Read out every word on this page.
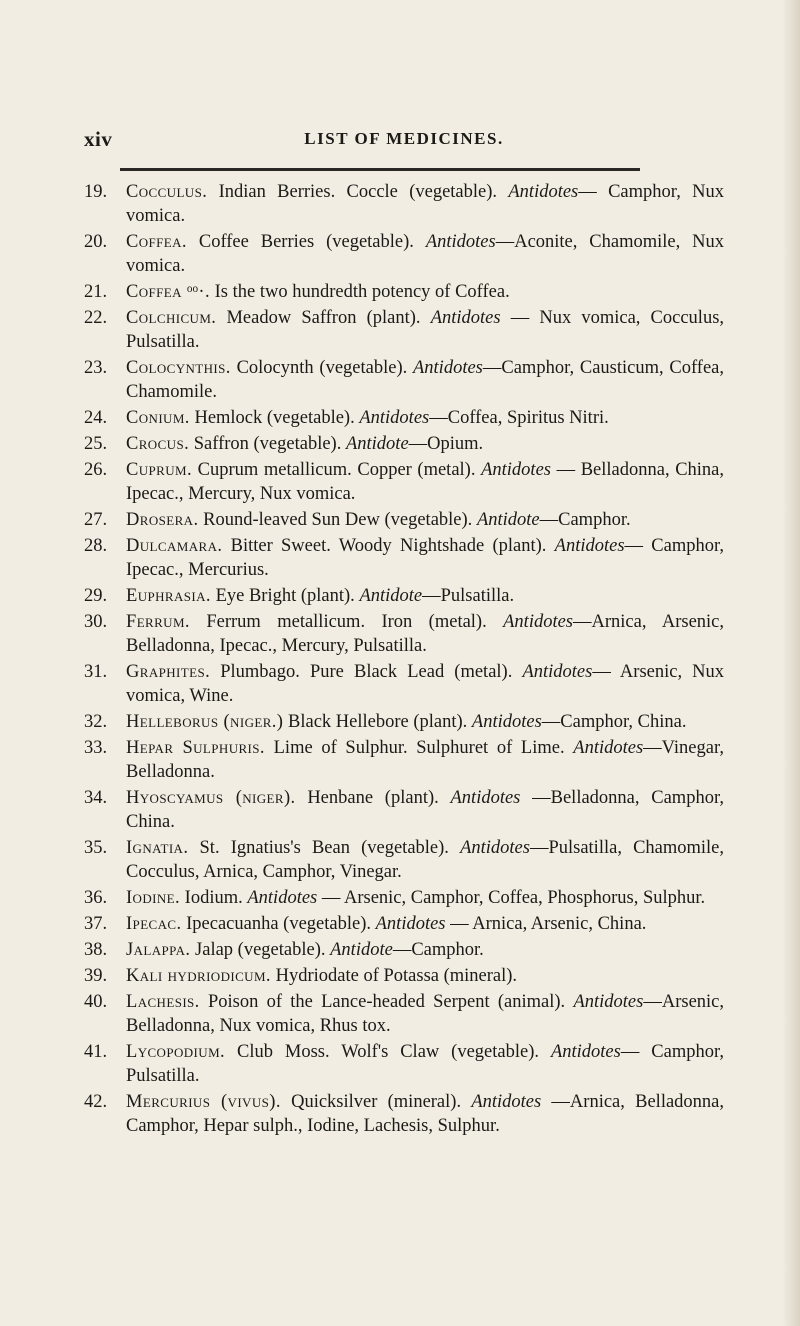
xiv	LIST OF MEDICINES.
19. Cocculus. Indian Berries. Coccle (vegetable). Antidotes— Camphor, Nux vomica.
20. Coffea. Coffee Berries (vegetable). Antidotes—Aconite, Chamomile, Nux vomica.
21. Coffea ᵒᵒ·. Is the two hundredth potency of Coffea.
22. Colchicum. Meadow Saffron (plant). Antidotes — Nux vomica, Cocculus, Pulsatilla.
23. Colocynthis. Colocynth (vegetable). Antidotes—Camphor, Causticum, Coffea, Chamomile.
24. Conium. Hemlock (vegetable). Antidotes—Coffea, Spiritus Nitri.
25. Crocus. Saffron (vegetable). Antidote—Opium.
26. Cuprum. Cuprum metallicum. Copper (metal). Antidotes — Belladonna, China, Ipecac., Mercury, Nux vomica.
27. Drosera. Round-leaved Sun Dew (vegetable). Antidote—Camphor.
28. Dulcamara. Bitter Sweet. Woody Nightshade (plant). Antidotes— Camphor, Ipecac., Mercurius.
29. Euphrasia. Eye Bright (plant). Antidote—Pulsatilla.
30. Ferrum. Ferrum metallicum. Iron (metal). Antidotes—Arnica, Arsenic, Belladonna, Ipecac., Mercury, Pulsatilla.
31. Graphites. Plumbago. Pure Black Lead (metal). Antidotes— Arsenic, Nux vomica, Wine.
32. Helleborus (niger.) Black Hellebore (plant). Antidotes—Camphor, China.
33. Hepar Sulphuris. Lime of Sulphur. Sulphuret of Lime. Antidotes—Vinegar, Belladonna.
34. Hyoscyamus (niger). Henbane (plant). Antidotes —Belladonna, Camphor, China.
35. Ignatia. St. Ignatius's Bean (vegetable). Antidotes—Pulsatilla, Chamomile, Cocculus, Arnica, Camphor, Vinegar.
36. Iodine. Iodium. Antidotes — Arsenic, Camphor, Coffea, Phosphorus, Sulphur.
37. Ipecac. Ipecacuanha (vegetable). Antidotes — Arnica, Arsenic, China.
38. Jalappa. Jalap (vegetable). Antidote—Camphor.
39. Kali hydriodicum. Hydriodate of Potassa (mineral).
40. Lachesis. Poison of the Lance-headed Serpent (animal). Antidotes—Arsenic, Belladonna, Nux vomica, Rhus tox.
41. Lycopodium. Club Moss. Wolf's Claw (vegetable). Antidotes— Camphor, Pulsatilla.
42. Mercurius (vivus). Quicksilver (mineral). Antidotes —Arnica, Belladonna, Camphor, Hepar sulph., Iodine, Lachesis, Sulphur.
